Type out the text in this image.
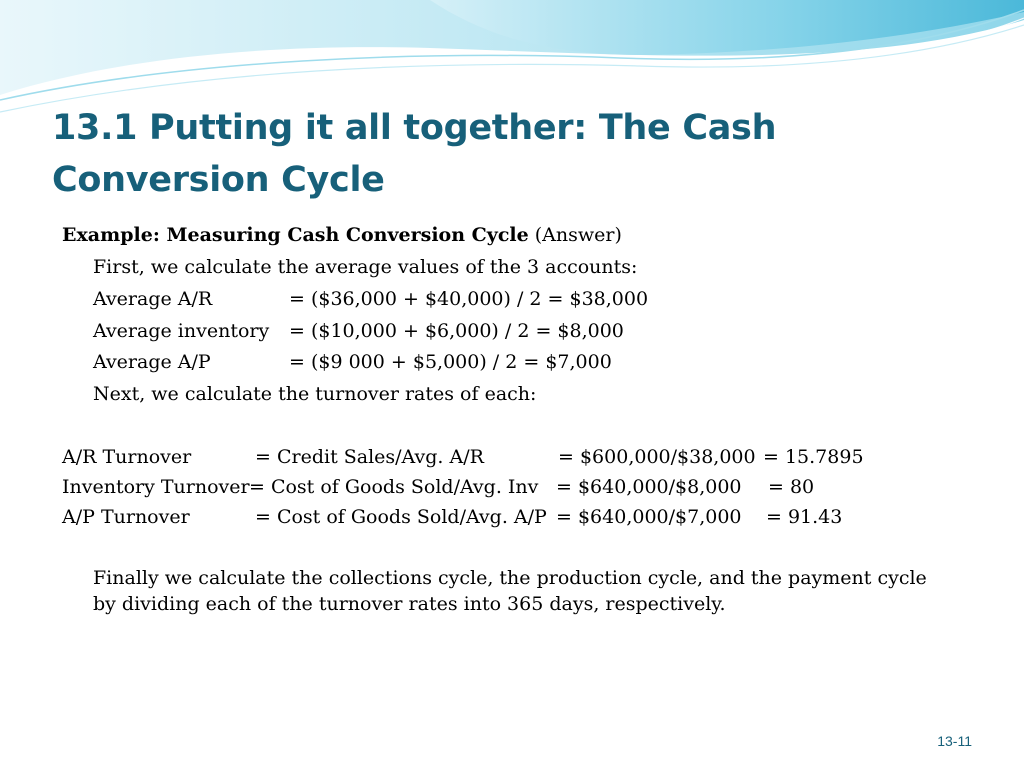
13.1 Putting it all together: The Cash Conversion Cycle
Example: Measuring Cash Conversion Cycle (Answer)
First, we calculate the average values of the 3 accounts:
Average A/R	= ($36,000 + $40,000) / 2 = $38,000
Average inventory = ($10,000 + $6,000) / 2 = $8,000
Average A/P	= ($9 000 + $5,000) / 2 = $7,000
Next, we calculate the turnover rates of each:
A/R Turnover	= Credit Sales/Avg. A/R	= $600,000/$38,000 = 15.7895
Inventory Turnover = Cost of Goods Sold/Avg. Inv = $640,000/$8,000 = 80
A/P Turnover	= Cost of Goods Sold/Avg. A/P = $640,000/$7,000 = 91.43
Finally we calculate the collections cycle, the production cycle, and the payment cycle by dividing each of the turnover rates into 365 days, respectively.
13-11
